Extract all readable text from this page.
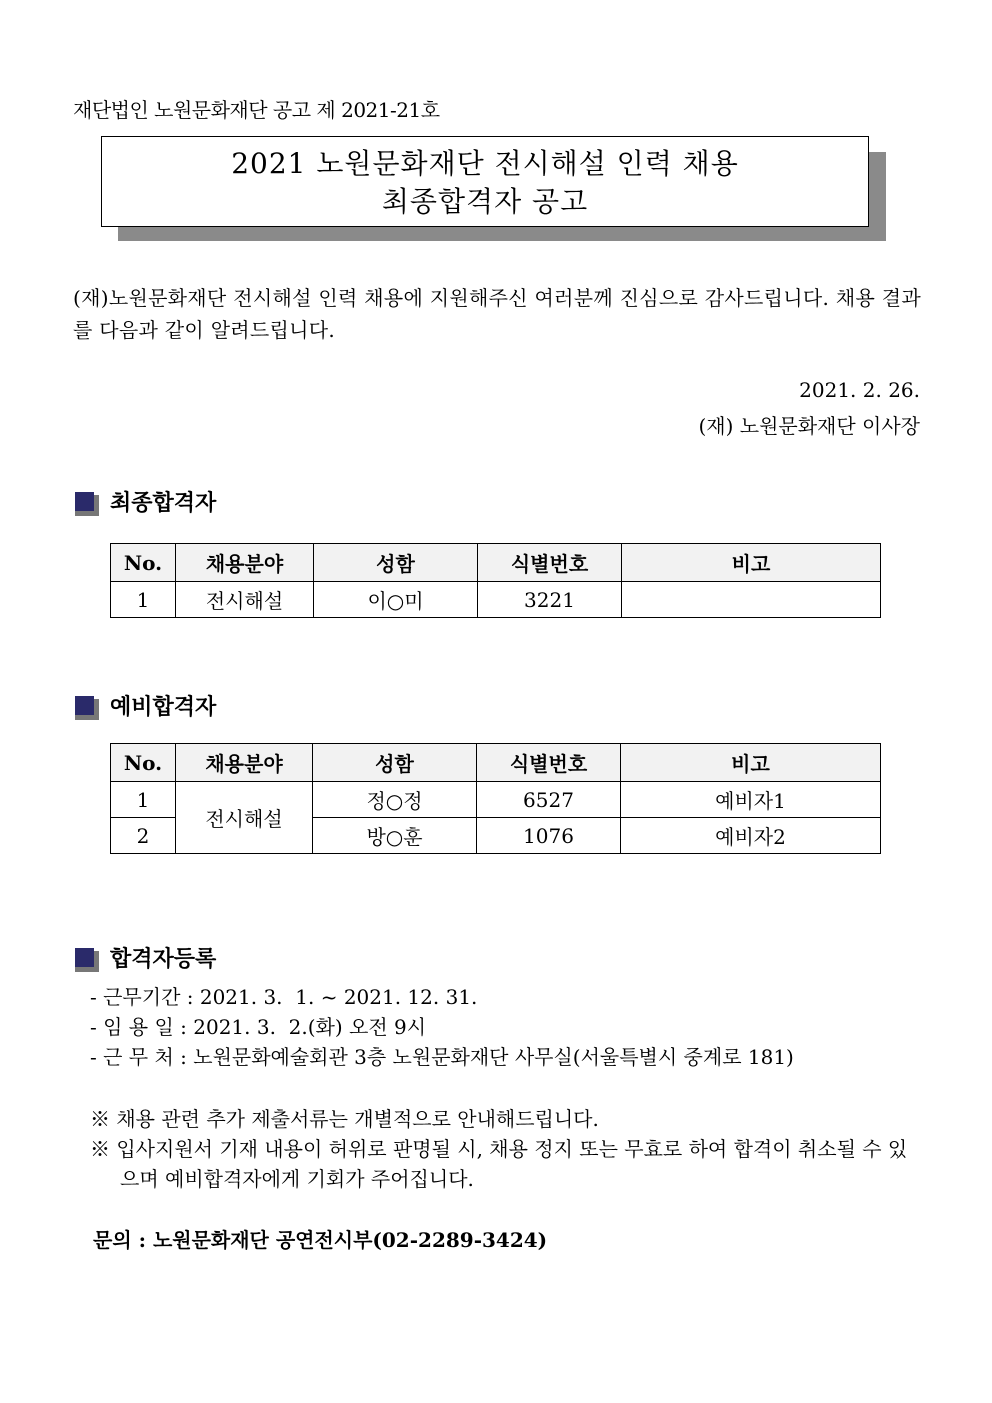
재단법인 노원문화재단 공고 제 2021-21호
2021 노원문화재단 전시해설 인력 채용
최종합격자 공고
(재)노원문화재단 전시해설 인력 채용에 지원해주신 여러분께 진심으로 감사드립니다. 채용 결과를 다음과 같이 알려드립니다.
2021. 2. 26.
(재) 노원문화재단 이사장
최종합격자
No.	채용분야	성함	식별번호	비고
1	전시해설	이○미	3221	
예비합격자
No.	채용분야	성함	식별번호	비고
1	전시해설	정○정	6527	예비자1
2		방○훈	1076	예비자2
합격자등록
- 근무기간 : 2021. 3.  1. ~ 2021. 12. 31.
- 임 용 일 : 2021. 3.  2.(화) 오전 9시
- 근 무 처 : 노원문화예술회관 3층 노원문화재단 사무실(서울특별시 중계로 181)
※ 채용 관련 추가 제출서류는 개별적으로 안내해드립니다.
※ 입사지원서 기재 내용이 허위로 판명될 시, 채용 정지 또는 무효로 하여 합격이 취소될 수 있으며 예비합격자에게 기회가 주어집니다.
문의 : 노원문화재단 공연전시부(02-2289-3424)
